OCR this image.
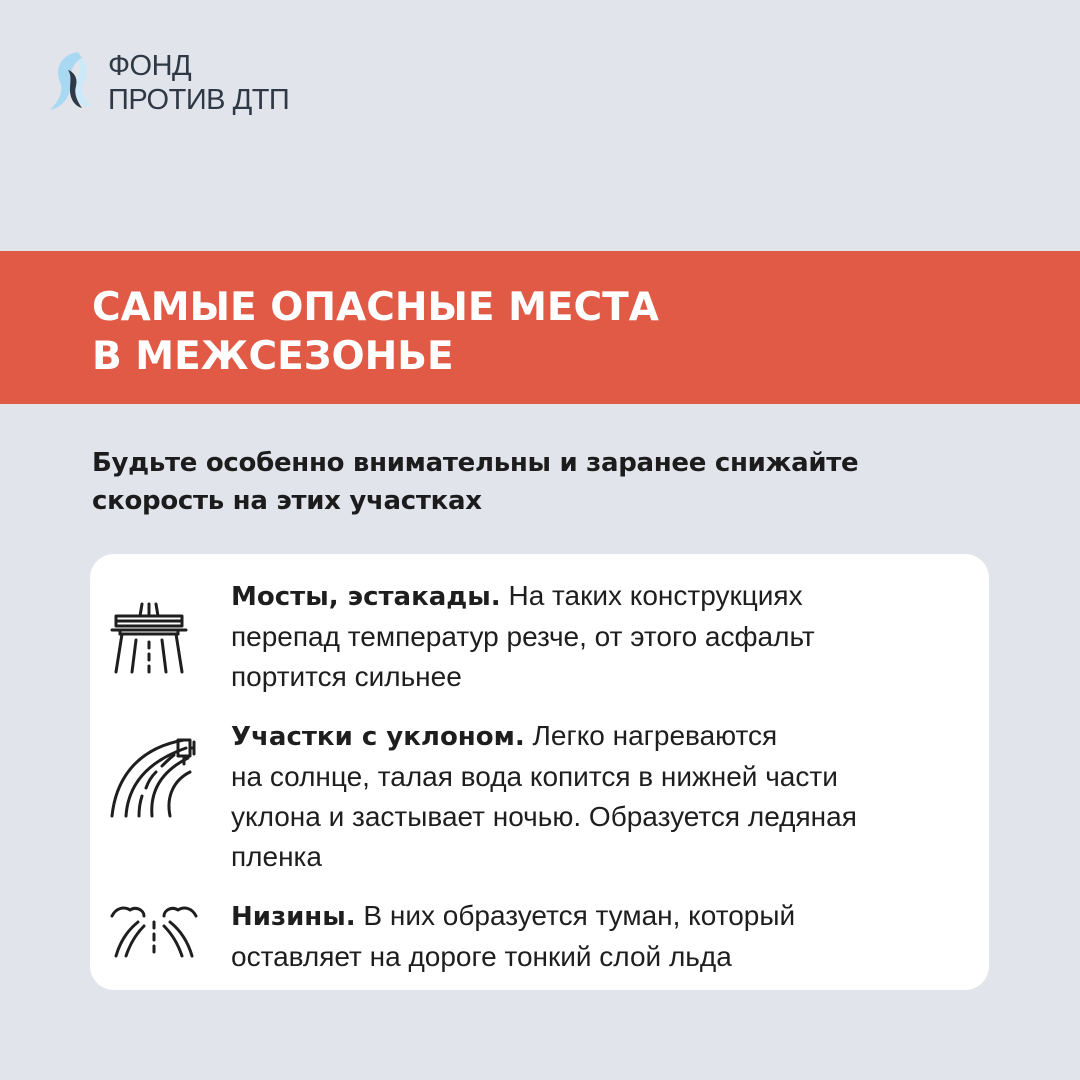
ФОНД
ПРОТИВ ДТП
САМЫЕ ОПАСНЫЕ МЕСТА
В МЕЖСЕЗОНЬЕ
Будьте особенно внимательны и заранее снижайте
скорость на этих участках
Мосты, эстакады. На таких конструкциях
перепад температур резче, от этого асфальт
портится сильнее
Участки с уклоном. Легко нагреваются
на солнце, талая вода копится в нижней части
уклона и застывает ночью. Образуется ледяная
пленка
Низины. В них образуется туман, который
оставляет на дороге тонкий слой льда
